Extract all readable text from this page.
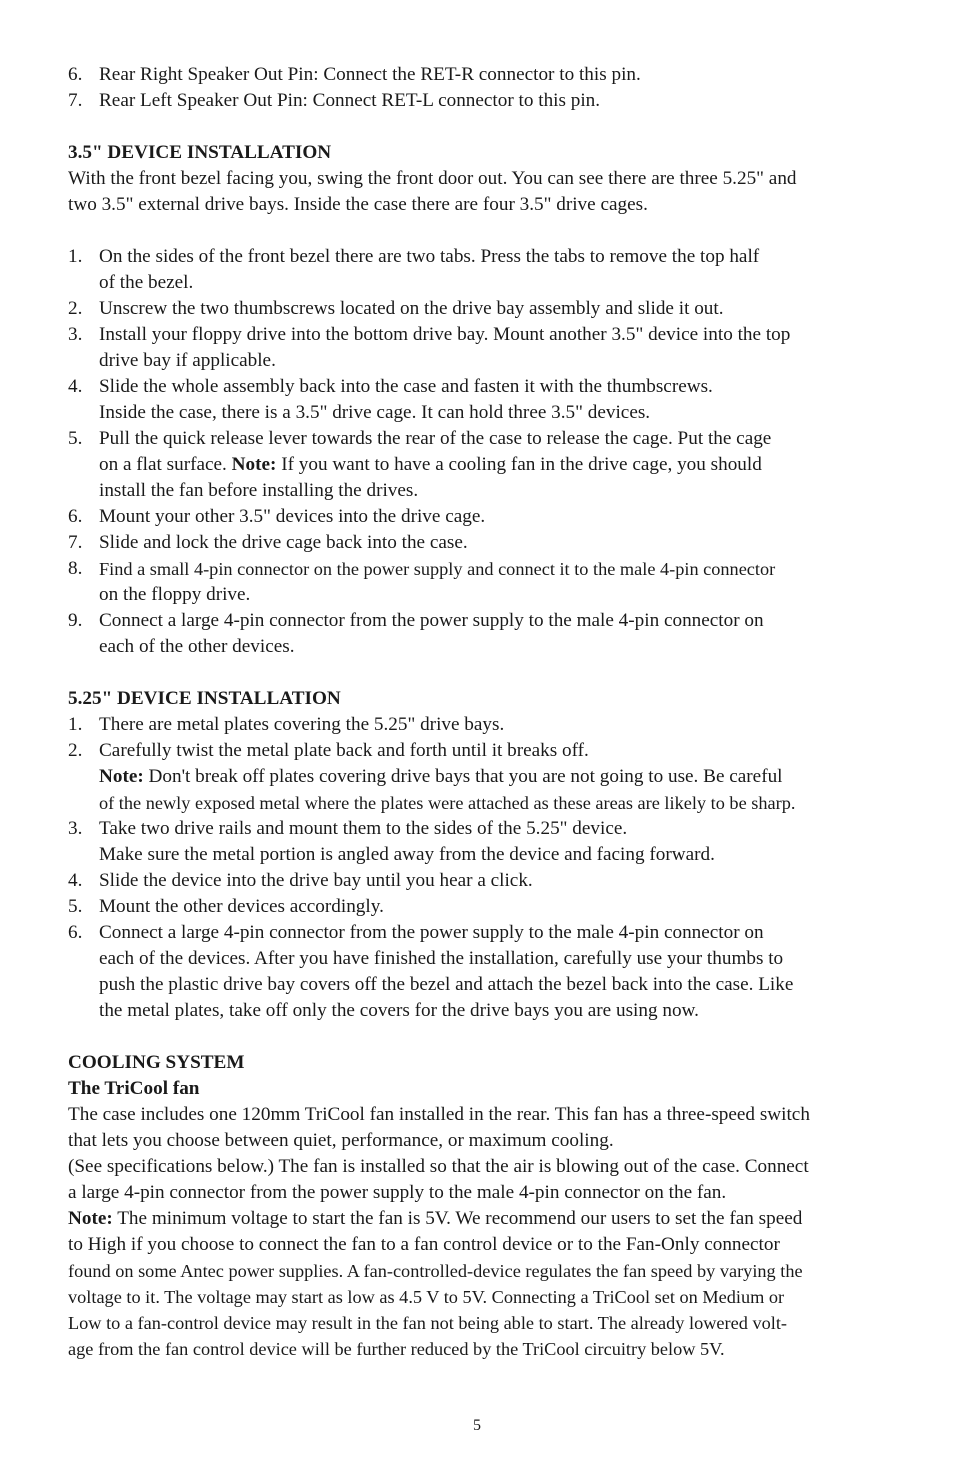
6. Rear Right Speaker Out Pin: Connect the RET-R connector to this pin.
7. Rear Left Speaker Out Pin: Connect RET-L connector to this pin.
3.5" DEVICE INSTALLATION
With the front bezel facing you, swing the front door out. You can see there are three 5.25" and
two 3.5" external drive bays. Inside the case there are four 3.5" drive cages.
1. On the sides of the front bezel there are two tabs. Press the tabs to remove the top half
of the bezel.
2. Unscrew the two thumbscrews located on the drive bay assembly and slide it out.
3. Install your floppy drive into the bottom drive bay. Mount another 3.5" device into the top
drive bay if applicable.
4. Slide the whole assembly back into the case and fasten it with the thumbscrews.
Inside the case, there is a 3.5" drive cage. It can hold three 3.5" devices.
5. Pull the quick release lever towards the rear of the case to release the cage. Put the cage
on a flat surface. Note: If you want to have a cooling fan in the drive cage, you should
install the fan before installing the drives.
6. Mount your other 3.5" devices into the drive cage.
7. Slide and lock the drive cage back into the case.
8. Find a small 4-pin connector on the power supply and connect it to the male 4-pin connector
on the floppy drive.
9. Connect a large 4-pin connector from the power supply to the male 4-pin connector on
each of the other devices.
5.25" DEVICE INSTALLATION
1. There are metal plates covering the 5.25" drive bays.
2. Carefully twist the metal plate back and forth until it breaks off.
Note: Don't break off plates covering drive bays that you are not going to use. Be careful
of the newly exposed metal where the plates were attached as these areas are likely to be sharp.
3. Take two drive rails and mount them to the sides of the 5.25" device.
Make sure the metal portion is angled away from the device and facing forward.
4. Slide the device into the drive bay until you hear a click.
5. Mount the other devices accordingly.
6. Connect a large 4-pin connector from the power supply to the male 4-pin connector on
each of the devices. After you have finished the installation, carefully use your thumbs to
push the plastic drive bay covers off the bezel and attach the bezel back into the case. Like
the metal plates, take off only the covers for the drive bays you are using now.
COOLING SYSTEM
The TriCool fan
The case includes one 120mm TriCool fan installed in the rear. This fan has a three-speed switch
that lets you choose between quiet, performance, or maximum cooling.
(See specifications below.) The fan is installed so that the air is blowing out of the case. Connect
a large 4-pin connector from the power supply to the male 4-pin connector on the fan.
Note: The minimum voltage to start the fan is 5V. We recommend our users to set the fan speed
to High if you choose to connect the fan to a fan control device or to the Fan-Only connector
found on some Antec power supplies. A fan-controlled-device regulates the fan speed by varying the
voltage to it. The voltage may start as low as 4.5 V to 5V. Connecting a TriCool set on Medium or
Low to a fan-control device may result in the fan not being able to start. The already lowered volt-
age from the fan control device will be further reduced by the TriCool circuitry below 5V.
5
